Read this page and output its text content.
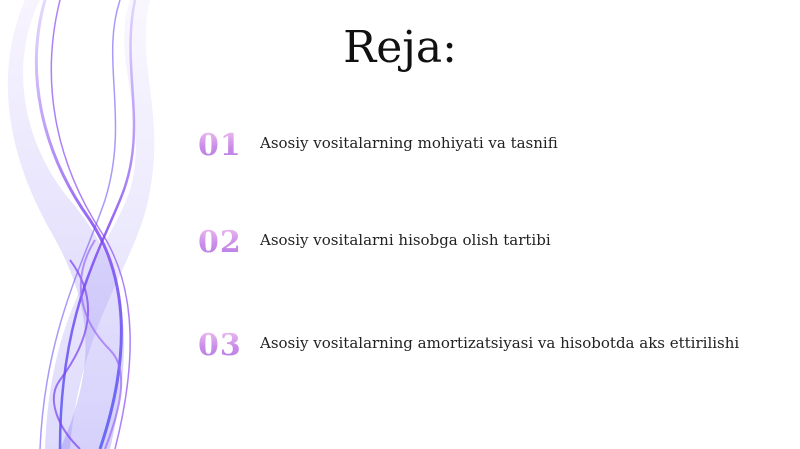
Reja:
01 Asosiy vositalarning mohiyati va tasnifi
02 Asosiy vositalarni hisobga olish tartibi
03 Asosiy vositalarning amortizatsiyasi va hisobotda aks ettirilishi
